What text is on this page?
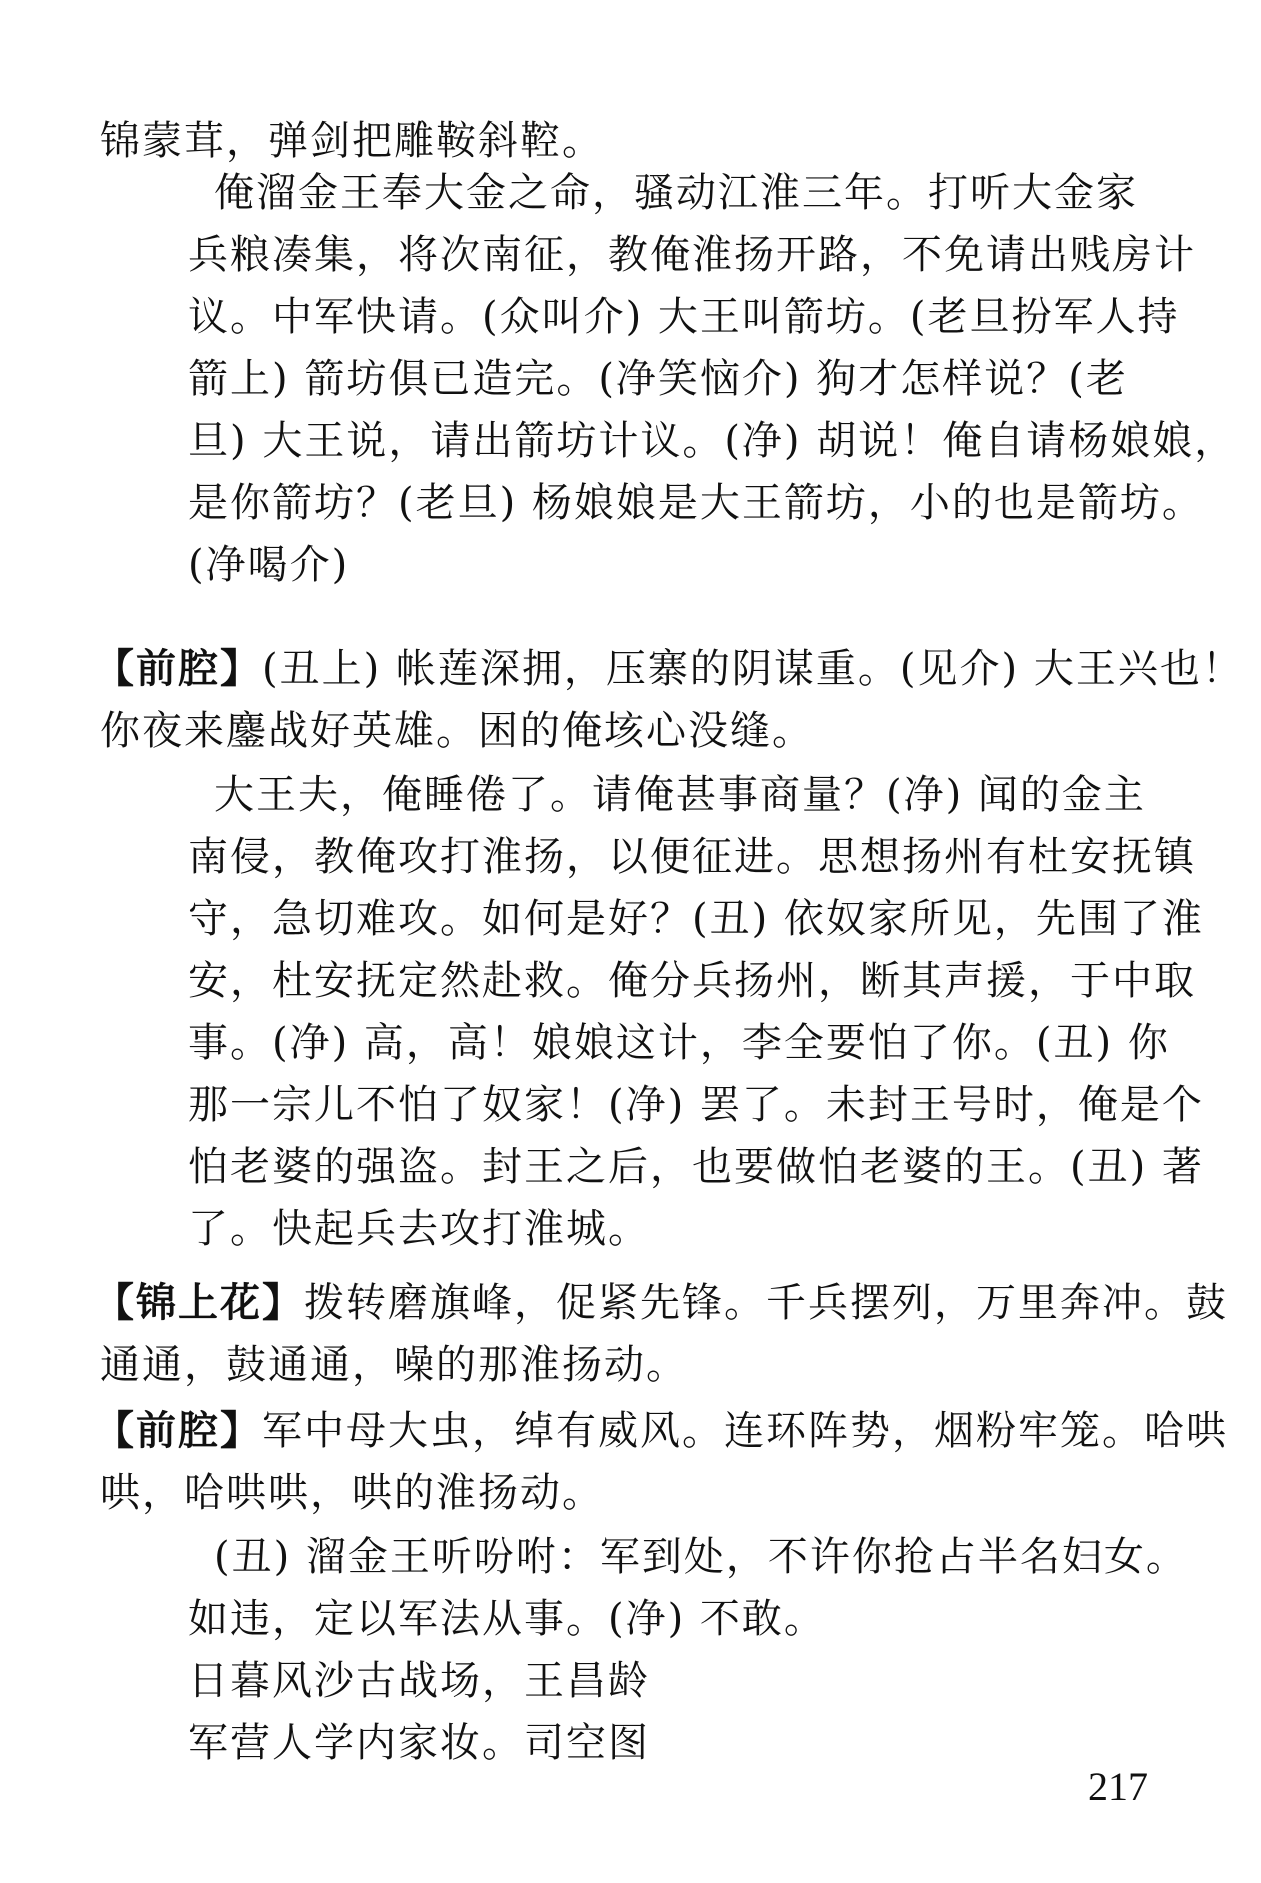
锦蒙茸，弹剑把雕鞍斜鞚。
俺溜金王奉大金之命，骚动江淮三年。打听大金家
兵粮凑集，将次南征，教俺淮扬开路，不免请出贱房计
议。中军快请。(众叫介) 大王叫箭坊。(老旦扮军人持
箭上) 箭坊俱已造完。(净笑恼介) 狗才怎样说？(老
旦) 大王说，请出箭坊计议。(净) 胡说！俺自请杨娘娘，
是你箭坊？(老旦) 杨娘娘是大王箭坊，小的也是箭坊。
(净喝介)
【前腔】(丑上) 帐莲深拥，压寨的阴谋重。(见介) 大王兴也！
你夜来鏖战好英雄。困的俺垓心没缝。
大王夫，俺睡倦了。请俺甚事商量？(净) 闻的金主
南侵，教俺攻打淮扬，以便征进。思想扬州有杜安抚镇
守，急切难攻。如何是好？(丑) 依奴家所见，先围了淮
安，杜安抚定然赴救。俺分兵扬州，断其声援，于中取
事。(净) 高，高！娘娘这计，李全要怕了你。(丑) 你
那一宗儿不怕了奴家！(净) 罢了。未封王号时，俺是个
怕老婆的强盗。封王之后，也要做怕老婆的王。(丑) 著
了。快起兵去攻打淮城。
【锦上花】拨转磨旗峰，促紧先锋。千兵摆列，万里奔冲。鼓
通通，鼓通通，噪的那淮扬动。
【前腔】军中母大虫，绰有威风。连环阵势，烟粉牢笼。哈哄
哄，哈哄哄，哄的淮扬动。
(丑) 溜金王听吩咐：军到处，不许你抢占半名妇女。
如违，定以军法从事。(净) 不敢。
日暮风沙古战场，王昌龄
军营人学内家妆。司空图
217
